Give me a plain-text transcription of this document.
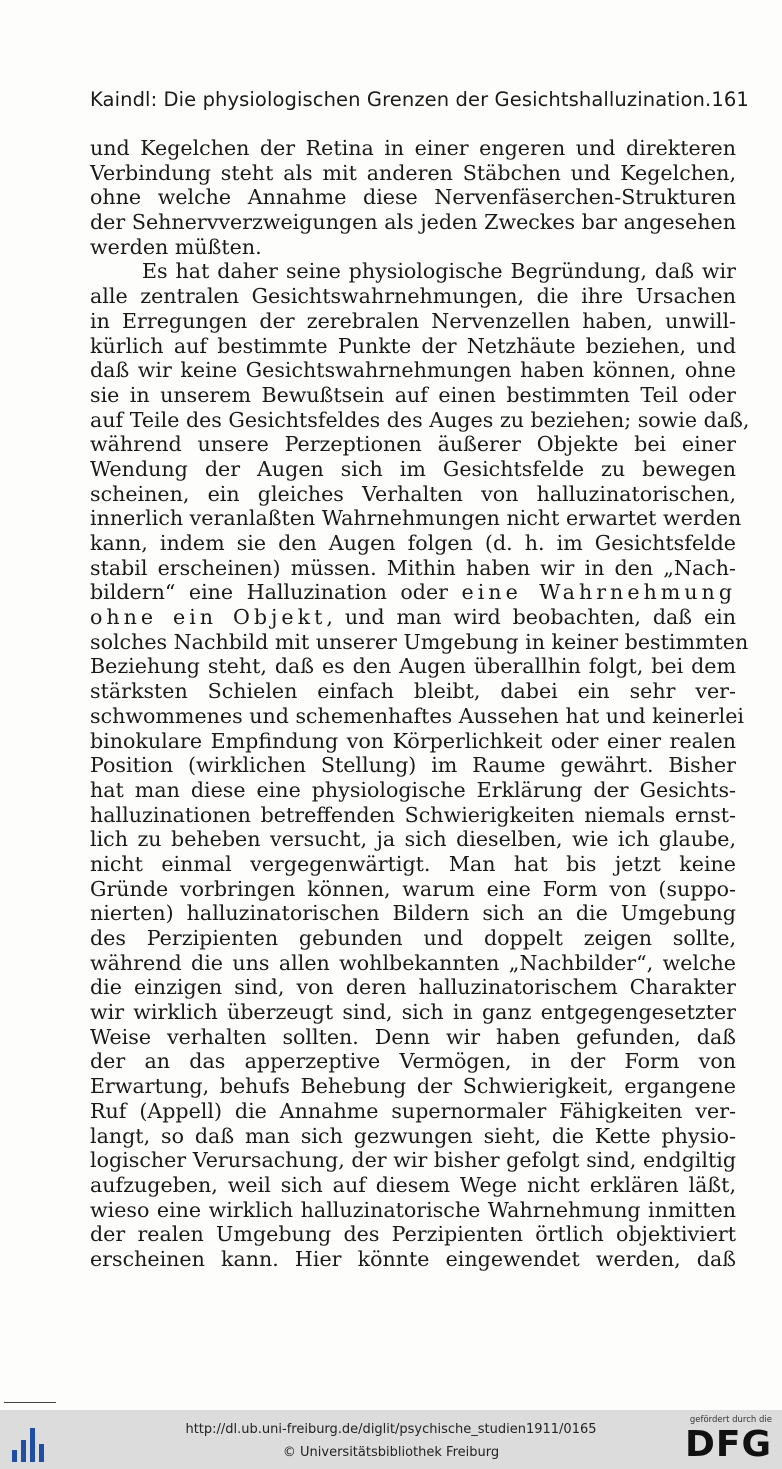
Kaindl: Die physiologischen Grenzen der Gesichtshalluzination. 161
und Kegelchen der Retina in einer engeren und direkteren
Verbindung steht als mit anderen Stäbchen und Kegelchen,
ohne welche Annahme diese Nervenfäserchen-Strukturen
der Sehnervverzweigungen als jeden Zweckes bar angesehen
werden müßten.
Es hat daher seine physiologische Begründung, daß wir
alle zentralen Gesichtswahrnehmungen, die ihre Ursachen
in Erregungen der zerebralen Nervenzellen haben, unwill-
kürlich auf bestimmte Punkte der Netzhäute beziehen, und
daß wir keine Gesichtswahrnehmungen haben können, ohne
sie in unserem Bewußtsein auf einen bestimmten Teil oder
auf Teile des Gesichtsfeldes des Auges zu beziehen; sowie daß,
während unsere Perzeptionen äußerer Objekte bei einer
Wendung der Augen sich im Gesichtsfelde zu bewegen
scheinen, ein gleiches Verhalten von halluzinatorischen,
innerlich veranlaßten Wahrnehmungen nicht erwartet werden
kann, indem sie den Augen folgen (d. h. im Gesichtsfelde
stabil erscheinen) müssen. Mithin haben wir in den „Nach-
bildern“ eine Halluzination oder eine Wahrnehmung
ohne ein Objekt, und man wird beobachten, daß ein
solches Nachbild mit unserer Umgebung in keiner bestimmten
Beziehung steht, daß es den Augen überallhin folgt, bei dem
stärksten Schielen einfach bleibt, dabei ein sehr ver-
schwommenes und schemenhaftes Aussehen hat und keinerlei
binokulare Empfindung von Körperlichkeit oder einer realen
Position (wirklichen Stellung) im Raume gewährt. Bisher
hat man diese eine physiologische Erklärung der Gesichts-
halluzinationen betreffenden Schwierigkeiten niemals ernst-
lich zu beheben versucht, ja sich dieselben, wie ich glaube,
nicht einmal vergegenwärtigt. Man hat bis jetzt keine
Gründe vorbringen können, warum eine Form von (suppo-
nierten) halluzinatorischen Bildern sich an die Umgebung
des Perzipienten gebunden und doppelt zeigen sollte,
während die uns allen wohlbekannten „Nachbilder“, welche
die einzigen sind, von deren halluzinatorischem Charakter
wir wirklich überzeugt sind, sich in ganz entgegengesetzter
Weise verhalten sollten. Denn wir haben gefunden, daß
der an das apperzeptive Vermögen, in der Form von
Erwartung, behufs Behebung der Schwierigkeit, ergangene
Ruf (Appell) die Annahme supernormaler Fähigkeiten ver-
langt, so daß man sich gezwungen sieht, die Kette physio-
logischer Verursachung, der wir bisher gefolgt sind, endgiltig
aufzugeben, weil sich auf diesem Wege nicht erklären läßt,
wieso eine wirklich halluzinatorische Wahrnehmung inmitten
der realen Umgebung des Perzipienten örtlich objektiviert
erscheinen kann. Hier könnte eingewendet werden, daß
http://dl.ub.uni-freiburg.de/diglit/psychische_studien1911/0165
© Universitätsbibliothek Freiburg
gefördert durch die
DFG
